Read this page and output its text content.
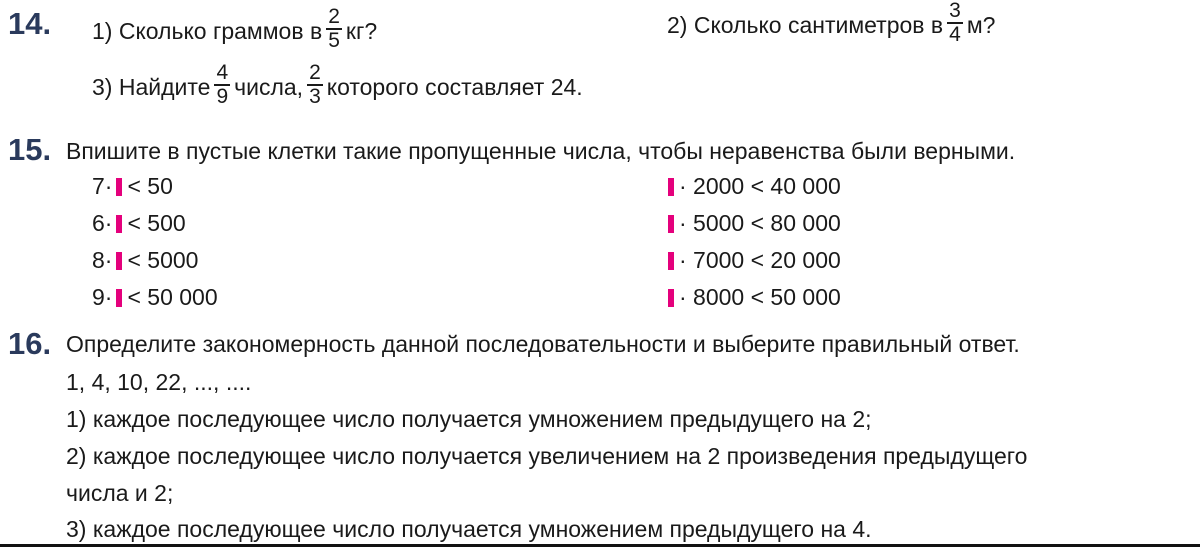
14. 1) Сколько граммов в $\frac{2}{5}$ кг?	2) Сколько сантиметров в $\frac{3}{4} м$?
3) Найдите $\frac{4}{9}$ числа, $\frac{2}{3}$ которого составляет 24.
15. Впишите в пустые клетки такие пропущенные числа, чтобы неравенства были верными.
7· < 50
6· < 500
8· < 5000
9· < 50 000
· 2000 < 40 000
· 5000 < 80 000
· 7000 < 20 000
· 8000 < 50 000
16. Определите закономерность данной последовательности и выберите правильный ответ.
1, 4, 10, 22, ..., ....
1) каждое последующее число получается умножением предыдущего на 2;
2) каждое последующее число получается увеличением на 2 произведения предыдущего
числа и 2;
3) каждое последующее число получается умножением предыдущего на 4.
